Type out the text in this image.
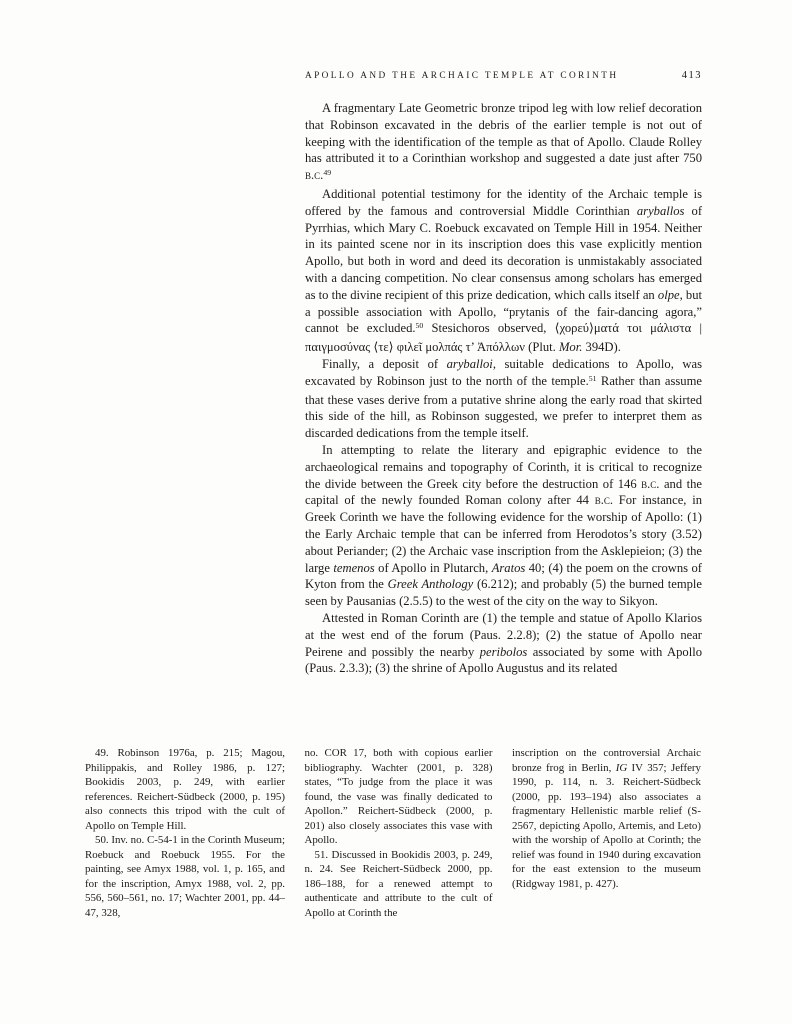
APOLLO AND THE ARCHAIC TEMPLE AT CORINTH	413

A fragmentary Late Geometric bronze tripod leg with low relief decoration that Robinson excavated in the debris of the earlier temple is not out of keeping with the identification of the temple as that of Apollo. Claude Rolley has attributed it to a Corinthian workshop and suggested a date just after 750 b.c.$^{49}$

Additional potential testimony for the identity of the Archaic temple is offered by the famous and controversial Middle Corinthian aryballos of Pyrrhias, which Mary C. Roebuck excavated on Temple Hill in 1954. Neither in its painted scene nor in its inscription does this vase explicitly mention Apollo, but both in word and deed its decoration is unmistakably associated with a dancing competition. No clear consensus among scholars has emerged as to the divine recipient of this prize dedication, which calls itself an olpe, but a possible association with Apollo, “prytanis of the fair-dancing agora,” cannot be excluded.$^{50}$ Stesichoros observed, ⟨χορεύ⟩ματά τοι μάλιστα | παιγμοσύνας ⟨τε⟩ φιλεῖ μολπάς τ’ Ἀπόλλων (Plut. Mor. 394D).

Finally, a deposit of aryballoi, suitable dedications to Apollo, was excavated by Robinson just to the north of the temple.$^{51}$ Rather than assume that these vases derive from a putative shrine along the early road that skirted this side of the hill, as Robinson suggested, we prefer to interpret them as discarded dedications from the temple itself.

In attempting to relate the literary and epigraphic evidence to the archaeological remains and topography of Corinth, it is critical to recognize the divide between the Greek city before the destruction of 146 b.c. and the capital of the newly founded Roman colony after 44 b.c. For instance, in Greek Corinth we have the following evidence for the worship of Apollo: (1) the Early Archaic temple that can be inferred from Herodotos’s story (3.52) about Periander; (2) the Archaic vase inscription from the Asklepieion; (3) the large temenos of Apollo in Plutarch, Aratos 40; (4) the poem on the crowns of Kyton from the Greek Anthology (6.212); and probably (5) the burned temple seen by Pausanias (2.5.5) to the west of the city on the way to Sikyon.

Attested in Roman Corinth are (1) the temple and statue of Apollo Klarios at the west end of the forum (Paus. 2.2.8); (2) the statue of Apollo near Peirene and possibly the nearby peribolos associated by some with Apollo (Paus. 2.3.3); (3) the shrine of Apollo Augustus and its related

49. Robinson 1976a, p. 215; Magou, Philippakis, and Rolley 1986, p. 127; Bookidis 2003, p. 249, with earlier references. Reichert-Südbeck (2000, p. 195) also connects this tripod with the cult of Apollo on Temple Hill.

50. Inv. no. C-54-1 in the Corinth Museum; Roebuck and Roebuck 1955. For the painting, see Amyx 1988, vol. 1, p. 165, and for the inscription, Amyx 1988, vol. 2, pp. 556, 560–561, no. 17; Wachter 2001, pp. 44–47, 328,

no. COR 17, both with copious earlier bibliography. Wachter (2001, p. 328) states, “To judge from the place it was found, the vase was finally dedicated to Apollon.” Reichert-Südbeck (2000, p. 201) also closely associates this vase with Apollo.

51. Discussed in Bookidis 2003, p. 249, n. 24. See Reichert-Südbeck 2000, pp. 186–188, for a renewed attempt to authenticate and attribute to the cult of Apollo at Corinth the

inscription on the controversial Archaic bronze frog in Berlin, IG IV 357; Jeffery 1990, p. 114, n. 3. Reichert-Südbeck (2000, pp. 193–194) also associates a fragmentary Hellenistic marble relief (S-2567, depicting Apollo, Artemis, and Leto) with the worship of Apollo at Corinth; the relief was found in 1940 during excavation for the east extension to the museum (Ridgway 1981, p. 427).
